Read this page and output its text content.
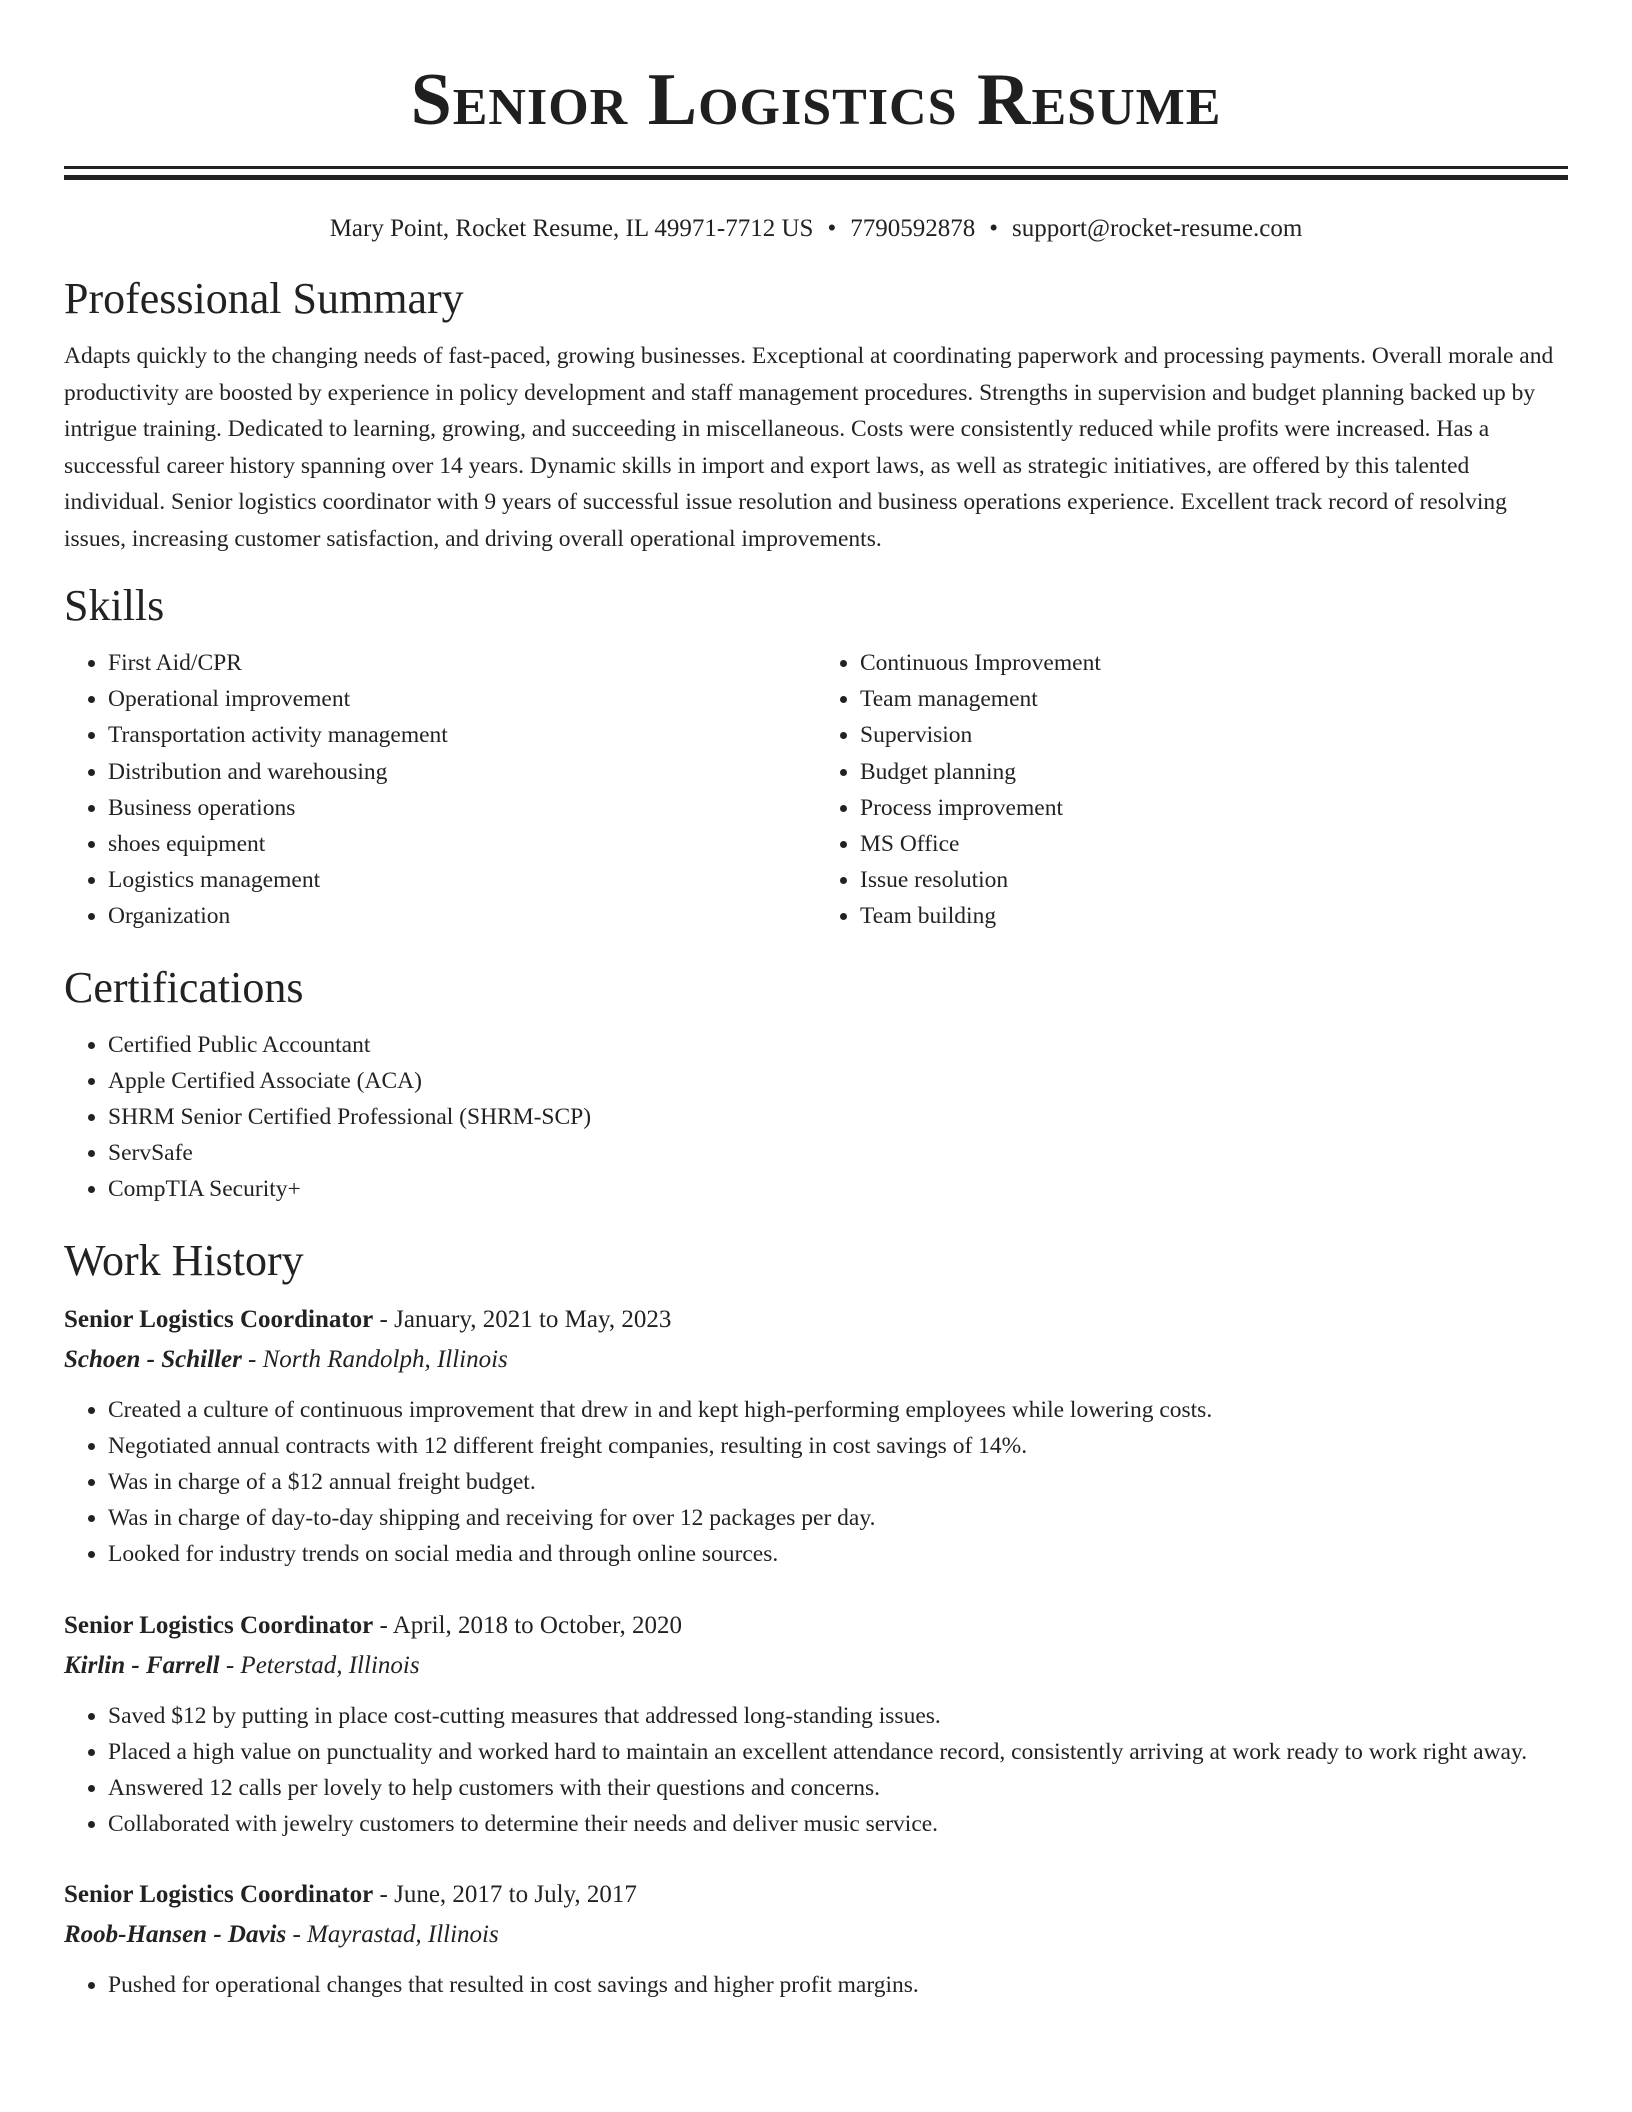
Senior Logistics Resume
Mary Point, Rocket Resume, IL 49971-7712 US • 7790592878 • support@rocket-resume.com
Professional Summary

Adapts quickly to the changing needs of fast-paced, growing businesses. Exceptional at coordinating paperwork and processing payments. Overall morale and productivity are boosted by experience in policy development and staff management procedures. Strengths in supervision and budget planning backed up by intrigue training. Dedicated to learning, growing, and succeeding in miscellaneous. Costs were consistently reduced while profits were increased. Has a successful career history spanning over 14 years. Dynamic skills in import and export laws, as well as strategic initiatives, are offered by this talented individual. Senior logistics coordinator with 9 years of successful issue resolution and business operations experience. Excellent track record of resolving issues, increasing customer satisfaction, and driving overall operational improvements.

Skills
• First Aid/CPR
• Operational improvement
• Transportation activity management
• Distribution and warehousing
• Business operations
• shoes equipment
• Logistics management
• Organization
• Continuous Improvement
• Team management
• Supervision
• Budget planning
• Process improvement
• MS Office
• Issue resolution
• Team building
Certifications
• Certified Public Accountant
• Apple Certified Associate (ACA)
• SHRM Senior Certified Professional (SHRM-SCP)
• ServSafe
• CompTIA Security+
Work History
Senior Logistics Coordinator - January, 2021 to May, 2023
Schoen - Schiller - North Randolph, Illinois
• Created a culture of continuous improvement that drew in and kept high-performing employees while lowering costs.
• Negotiated annual contracts with 12 different freight companies, resulting in cost savings of 14%.
• Was in charge of a $12 annual freight budget.
• Was in charge of day-to-day shipping and receiving for over 12 packages per day.
• Looked for industry trends on social media and through online sources.
Senior Logistics Coordinator - April, 2018 to October, 2020
Kirlin - Farrell - Peterstad, Illinois
• Saved $12 by putting in place cost-cutting measures that addressed long-standing issues.
• Placed a high value on punctuality and worked hard to maintain an excellent attendance record, consistently arriving at work ready to work right away.
• Answered 12 calls per lovely to help customers with their questions and concerns.
• Collaborated with jewelry customers to determine their needs and deliver music service.
Senior Logistics Coordinator - June, 2017 to July, 2017
Roob-Hansen - Davis - Mayrastad, Illinois
• Pushed for operational changes that resulted in cost savings and higher profit margins.
